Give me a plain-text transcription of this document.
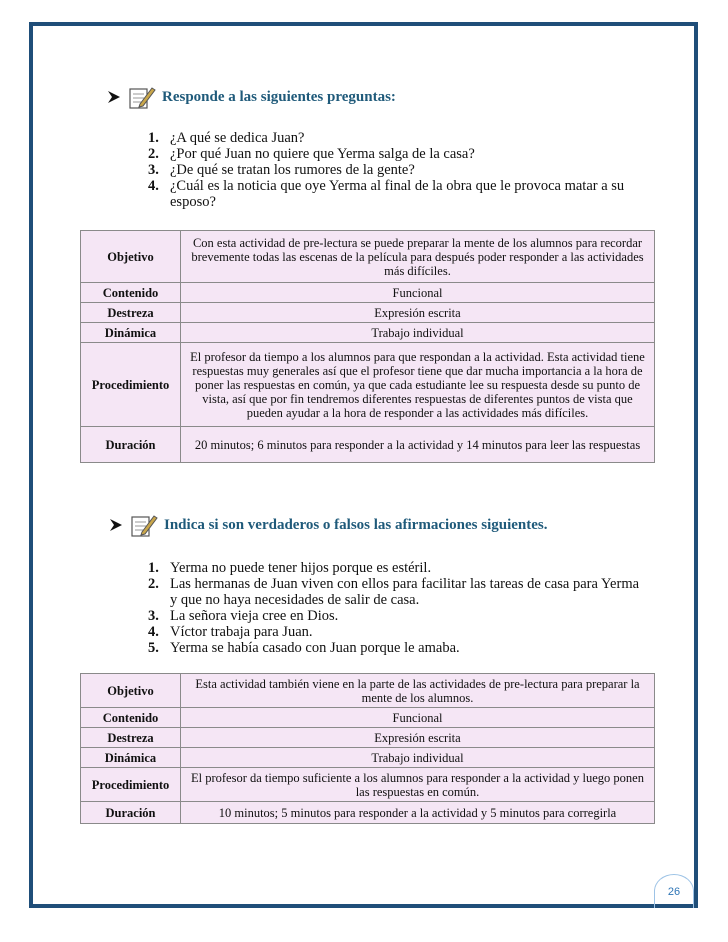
Responde a las siguientes preguntas:
1. ¿A qué se dedica Juan?
2. ¿Por qué Juan no quiere que Yerma salga de la casa?
3. ¿De qué se tratan los rumores de la gente?
4. ¿Cuál es la noticia que oye Yerma al final de la obra que le provoca matar a su esposo?
Objetivo	Con esta actividad de pre-lectura se puede preparar la mente de los alumnos para recordar brevemente todas las escenas de la película para después poder responder a las actividades más difíciles.
Contenido	Funcional
Destreza	Expresión escrita
Dinámica	Trabajo individual
Procedimiento	El profesor da tiempo a los alumnos para que respondan a la actividad. Esta actividad tiene respuestas muy generales así que el profesor tiene que dar mucha importancia a la hora de poner las respuestas en común, ya que cada estudiante lee su respuesta desde su punto de vista, así que por fin tendremos diferentes respuestas de diferentes puntos de vista que pueden ayudar a la hora de responder a las actividades más difíciles.
Duración	20 minutos; 6 minutos para responder a la actividad y 14 minutos para leer las respuestas
Indica si son verdaderos o falsos las afirmaciones siguientes.
1. Yerma no puede tener hijos porque es estéril.
2. Las hermanas de Juan viven con ellos para facilitar las tareas de casa para Yerma y que no haya necesidades de salir de casa.
3. La señora vieja cree en Dios.
4. Víctor trabaja para Juan.
5. Yerma se había casado con Juan porque le amaba.
Objetivo	Esta actividad también viene en la parte de las actividades de pre-lectura para preparar la mente de los alumnos.
Contenido	Funcional
Destreza	Expresión escrita
Dinámica	Trabajo individual
Procedimiento	El profesor da tiempo suficiente a los alumnos para responder a la actividad y luego ponen las respuestas en común.
Duración	10 minutos; 5 minutos para responder a la actividad y 5 minutos para corregirla
26
